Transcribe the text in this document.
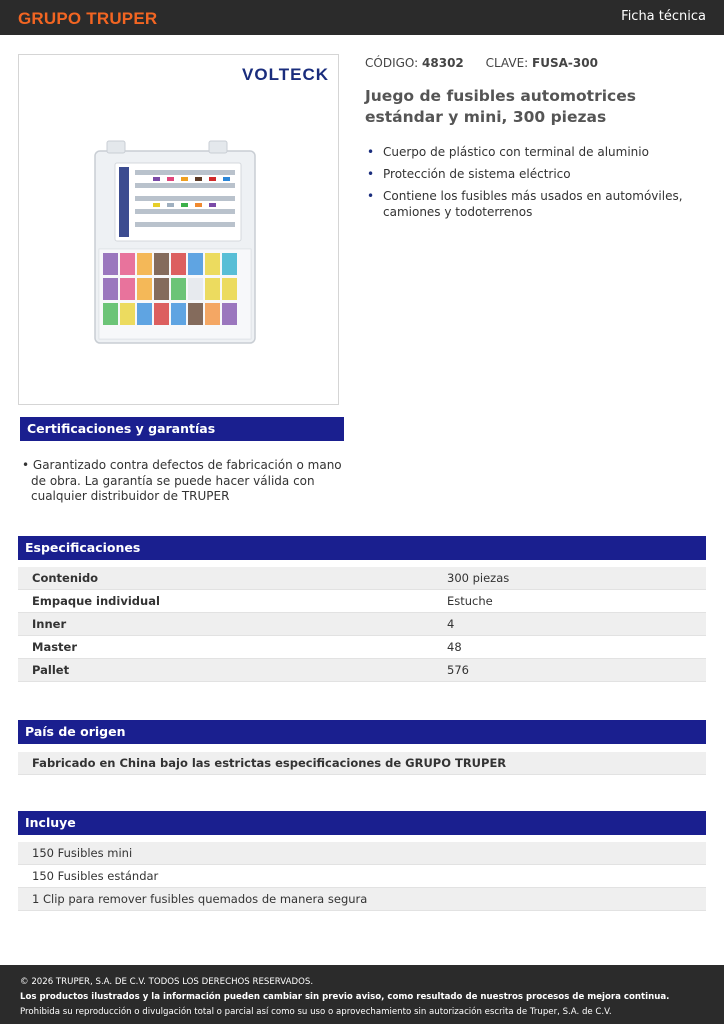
GRUPO TRUPER	Ficha técnica
VOLTECK
CÓDIGO: 48302 CLAVE: FUSA-300
Juego de fusibles automotrices estándar y mini, 300 piezas
• Cuerpo de plástico con terminal de aluminio
• Protección de sistema eléctrico
• Contiene los fusibles más usados en automóviles, camiones y todoterrenos
Certificaciones y garantías

• Garantizado contra defectos de fabricación o mano de obra. La garantía se puede hacer válida con cualquier distribuidor de TRUPER

Especificaciones
Contenido	300 piezas
Empaque individual	Estuche
Inner	4
Master	48
Pallet	576
País de origen
Fabricado en China bajo las estrictas especificaciones de GRUPO TRUPER
Incluye
150 Fusibles mini
150 Fusibles estándar
1 Clip para remover fusibles quemados de manera segura
© 2026 TRUPER, S.A. DE C.V. TODOS LOS DERECHOS RESERVADOS.
Los productos ilustrados y la información pueden cambiar sin previo aviso, como resultado de nuestros procesos de mejora continua.
Prohibida su reproducción o divulgación total o parcial así como su uso o aprovechamiento sin autorización escrita de Truper, S.A. de C.V.
